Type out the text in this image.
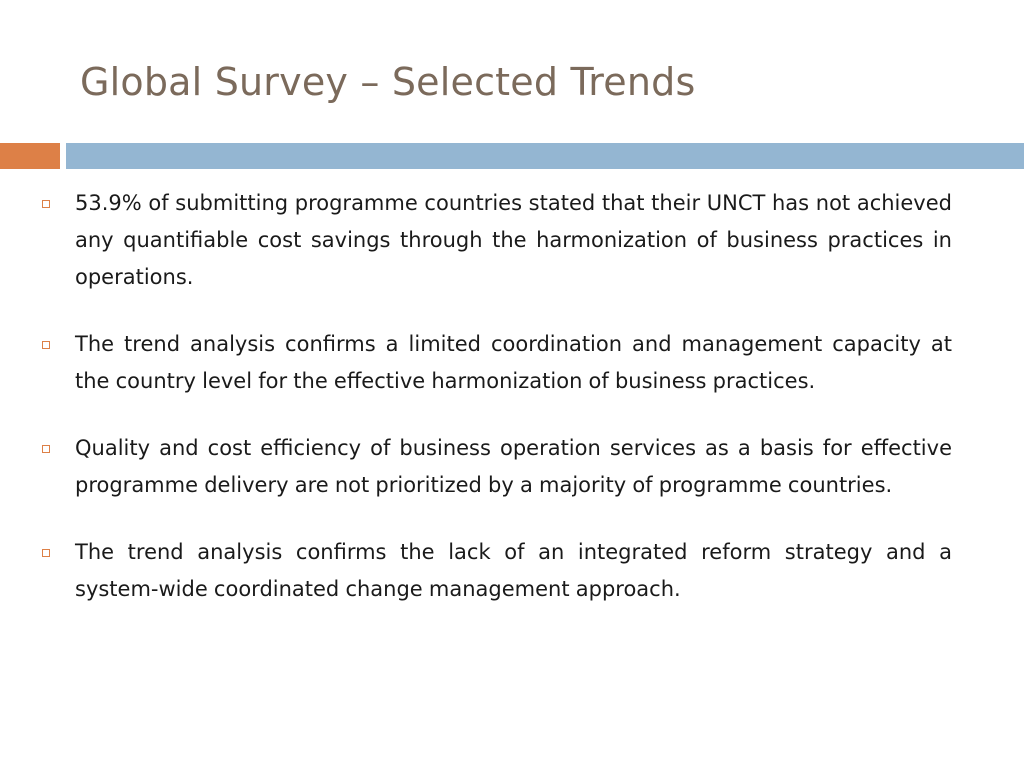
Global Survey – Selected Trends
53.9% of submitting programme countries stated that their UNCT has not achieved any quantifiable cost savings through the harmonization of business practices in operations.
The trend analysis confirms a limited coordination and management capacity at the country level for the effective harmonization of business practices.
Quality and cost efficiency of business operation services as a basis for effective programme delivery are not prioritized by a majority of programme countries.
The trend analysis confirms the lack of an integrated reform strategy and a system-wide coordinated change management approach.
